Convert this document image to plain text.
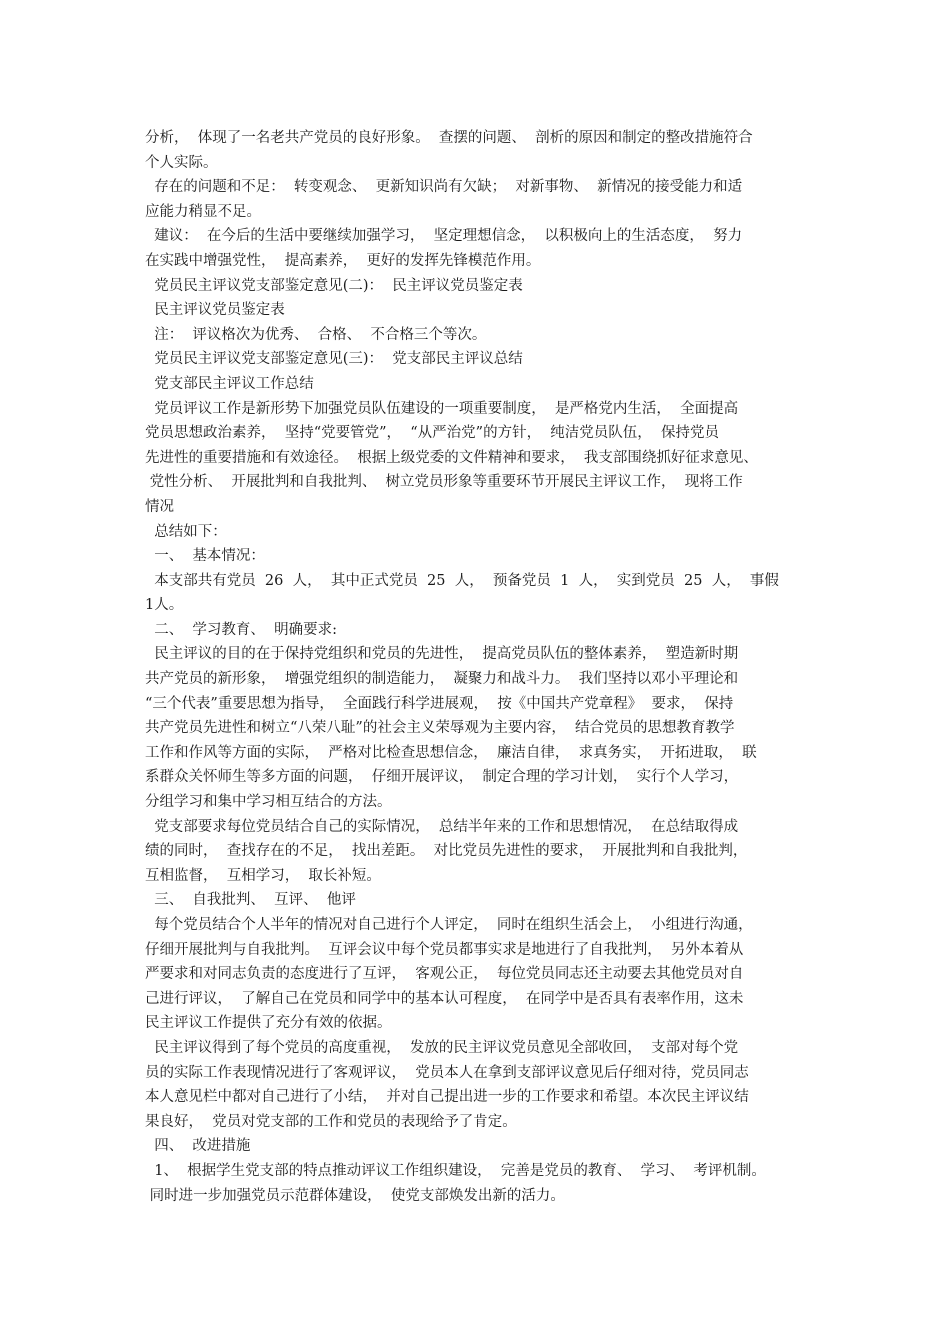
分析，  体现了一名老共产党员的良好形象。  查摆的问题、  剖析的原因和制定的整改措施符合
个人实际。
存在的问题和不足：  转变观念、  更新知识尚有欠缺；  对新事物、  新情况的接受能力和适
应能力稍显不足。
建议：  在今后的生活中要继续加强学习，  坚定理想信念，  以积极向上的生活态度，  努力
在实践中增强党性，  提高素养，  更好的发挥先锋模范作用。
党员民主评议党支部鉴定意见(二)：  民主评议党员鉴定表
民主评议党员鉴定表
注：  评议格次为优秀、  合格、  不合格三个等次。
党员民主评议党支部鉴定意见(三)：  党支部民主评议总结
党支部民主评议工作总结
党员评议工作是新形势下加强党员队伍建设的一项重要制度，  是严格党内生活，  全面提高
党员思想政治素养，  坚持“党要管党”，  “从严治党”的方针，  纯洁党员队伍，  保持党员
先进性的重要措施和有效途径。  根据上级党委的文件精神和要求，  我支部围绕抓好征求意见、
党性分析、  开展批判和自我批判、  树立党员形象等重要环节开展民主评议工作，  现将工作
情况
总结如下：
一、  基本情况：
本支部共有党员  26  人，  其中正式党员  25  人，  预备党员  1  人，  实到党员  25  人，  事假
1人。
二、  学习教育、  明确要求:
民主评议的目的在于保持党组织和党员的先进性，  提高党员队伍的整体素养，  塑造新时期
共产党员的新形象，  增强党组织的制造能力，  凝聚力和战斗力。  我们坚持以邓小平理论和
“三个代表”重要思想为指导，  全面践行科学进展观，  按《中国共产党章程》  要求，  保持
共产党员先进性和树立“八荣八耻”的社会主义荣辱观为主要内容，  结合党员的思想教育教学
工作和作风等方面的实际，  严格对比检查思想信念，  廉洁自律，  求真务实，  开拓进取，  联
系群众关怀师生等多方面的问题，  仔细开展评议，  制定合理的学习计划，  实行个人学习，
分组学习和集中学习相互结合的方法。
党支部要求每位党员结合自己的实际情况，  总结半年来的工作和思想情况，  在总结取得成
绩的同时，  查找存在的不足，  找出差距。  对比党员先进性的要求，  开展批判和自我批判，
互相监督，  互相学习，  取长补短。
三、  自我批判、  互评、  他评
每个党员结合个人半年的情况对自己进行个人评定，  同时在组织生活会上，  小组进行沟通，
仔细开展批判与自我批判。  互评会议中每个党员都事实求是地进行了自我批判，  另外本着从
严要求和对同志负责的态度进行了互评，  客观公正，  每位党员同志还主动要去其他党员对自
己进行评议，  了解自己在党员和同学中的基本认可程度，  在同学中是否具有表率作用，这未
民主评议工作提供了充分有效的依据。
民主评议得到了每个党员的高度重视，  发放的民主评议党员意见全部收回，  支部对每个党
员的实际工作表现情况进行了客观评议，  党员本人在拿到支部评议意见后仔细对待，党员同志
本人意见栏中都对自己进行了小结，  并对自己提出进一步的工作要求和希望。本次民主评议结
果良好，  党员对党支部的工作和党员的表现给予了肯定。
四、  改进措施
1、  根据学生党支部的特点推动评议工作组织建设，  完善是党员的教育、  学习、  考评机制。
同时进一步加强党员示范群体建设，  使党支部焕发出新的活力。
